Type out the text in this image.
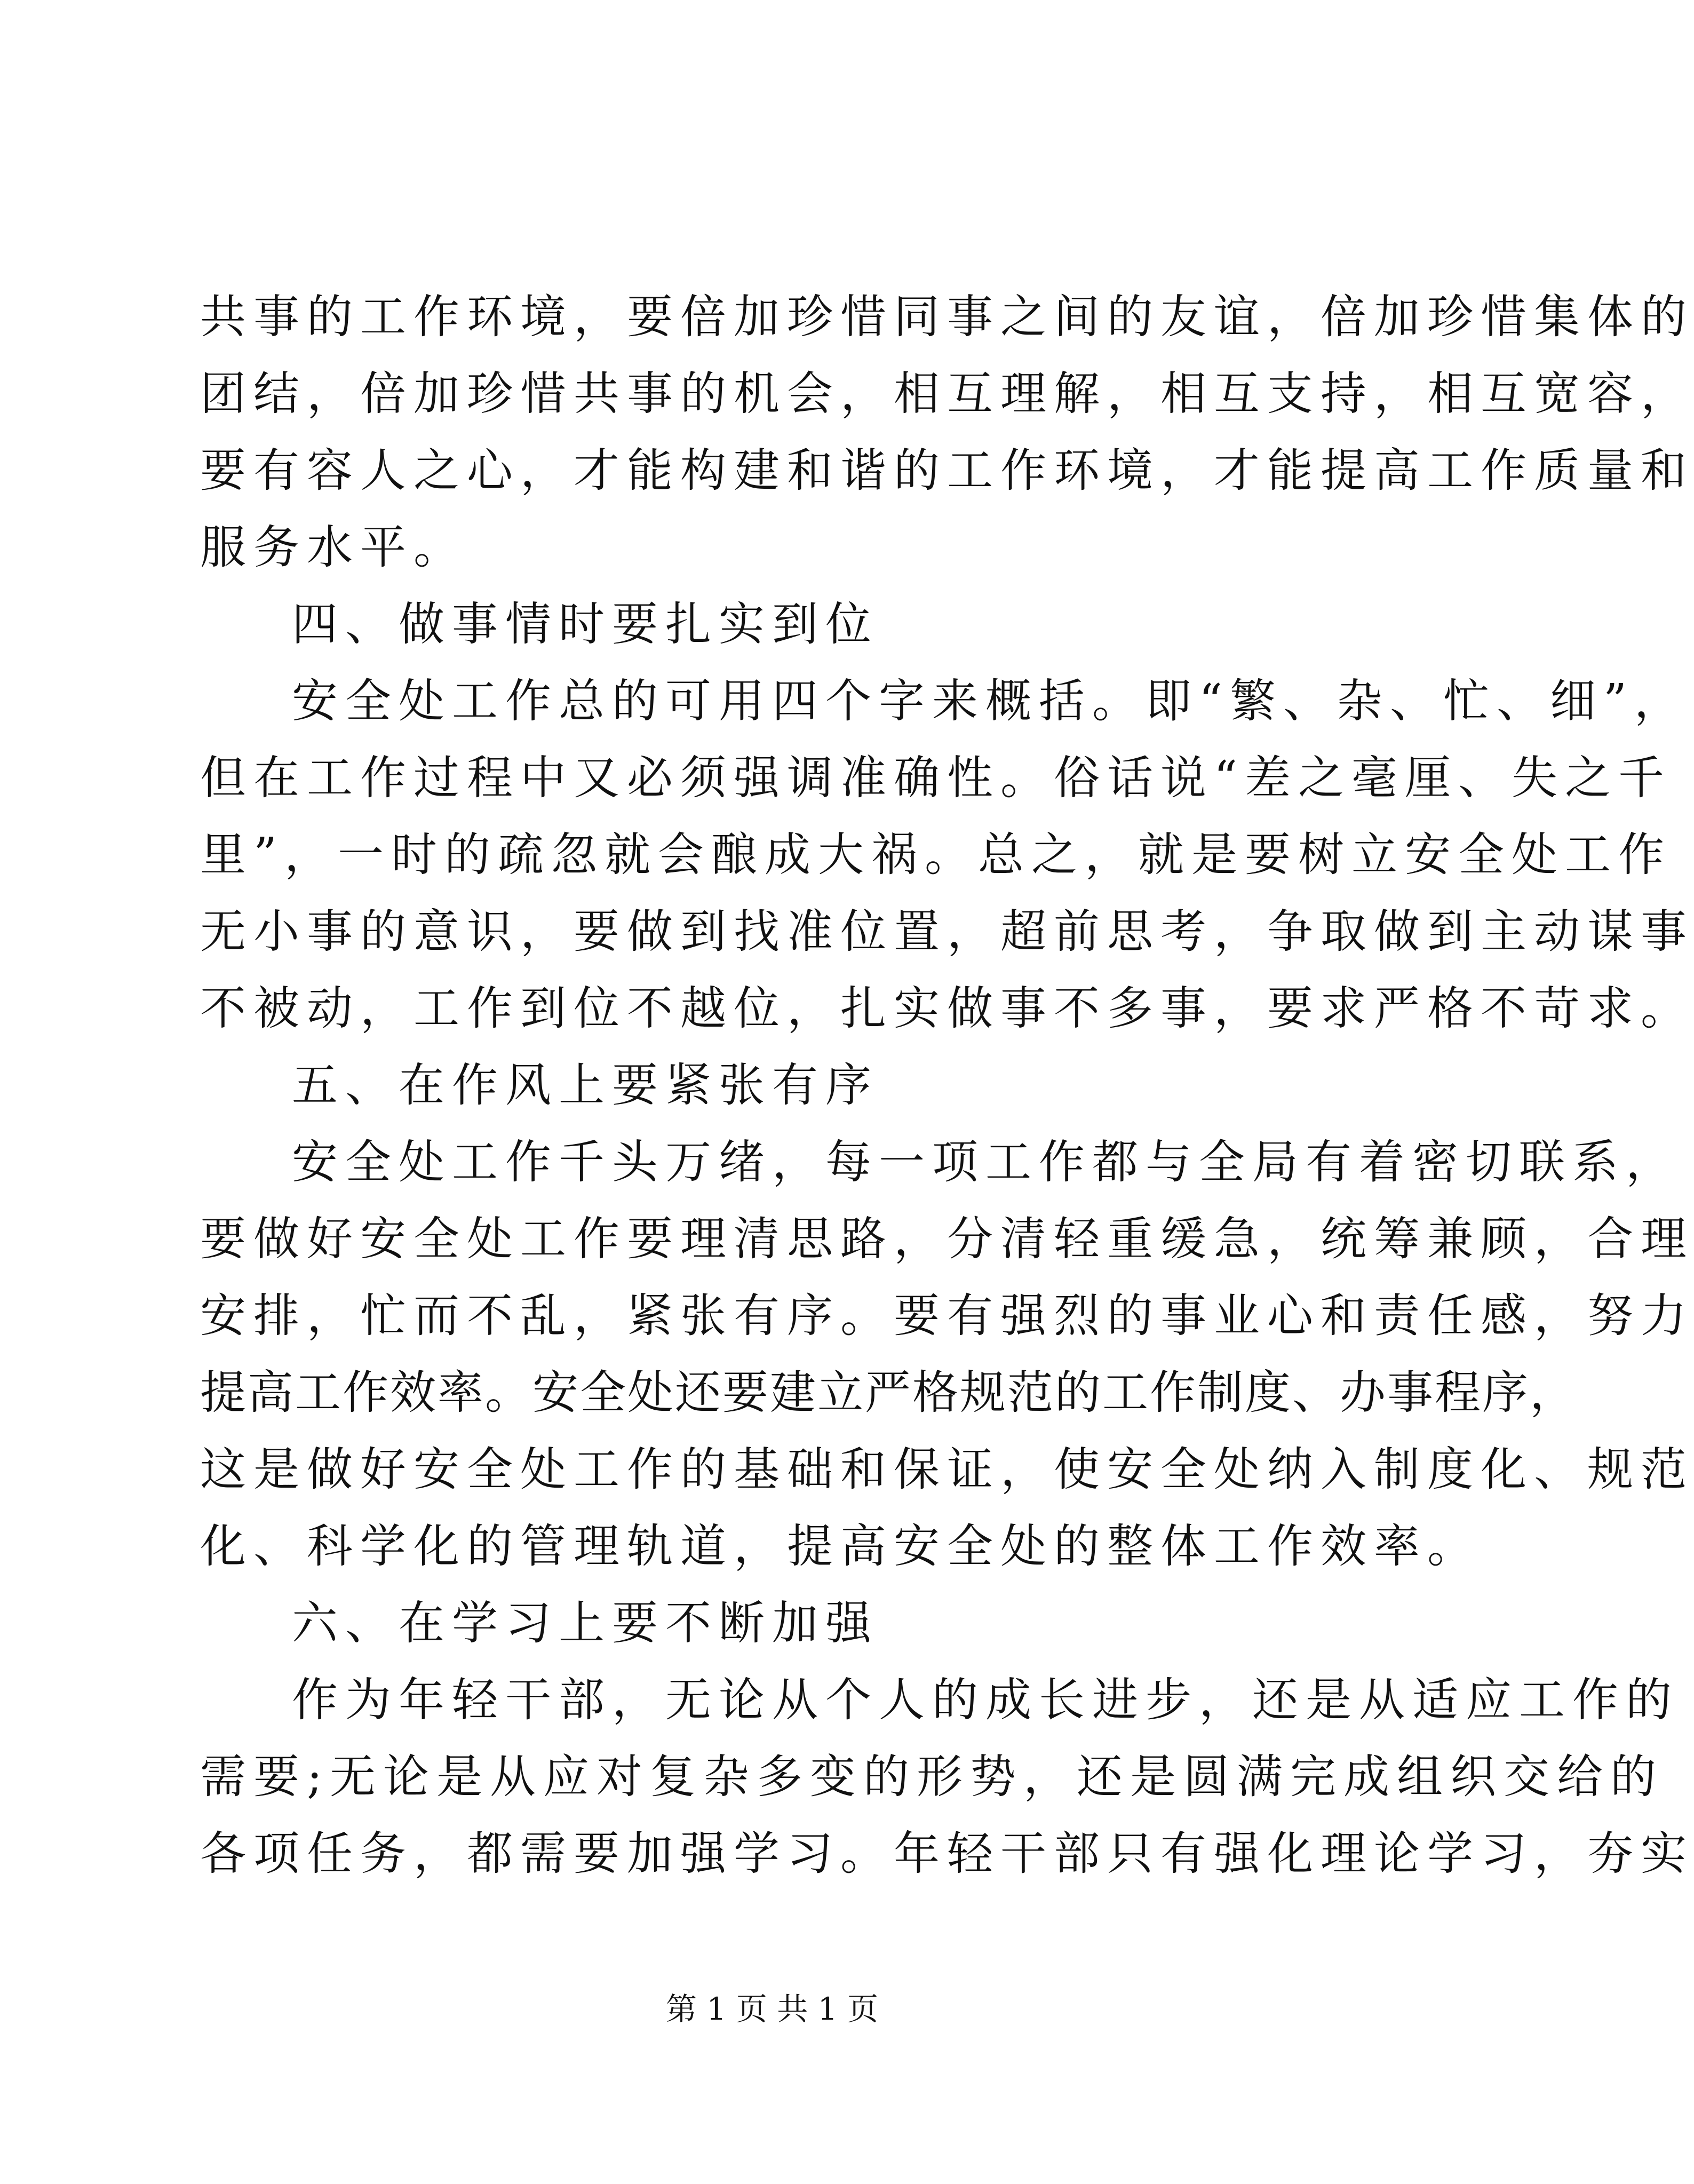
共事的工作环境，要倍加珍惜同事之间的友谊，倍加珍惜集体的
团结，倍加珍惜共事的机会，相互理解，相互支持，相互宽容，
要有容人之心，才能构建和谐的工作环境，才能提高工作质量和
服务水平。
四、做事情时要扎实到位
安全处工作总的可用四个字来概括。即“繁、杂、忙、细”，
但在工作过程中又必须强调准确性。俗话说“差之毫厘、失之千
里”，一时的疏忽就会酿成大祸。总之，就是要树立安全处工作
无小事的意识，要做到找准位置，超前思考，争取做到主动谋事
不被动，工作到位不越位，扎实做事不多事，要求严格不苛求。
五、在作风上要紧张有序
安全处工作千头万绪，每一项工作都与全局有着密切联系，
要做好安全处工作要理清思路，分清轻重缓急，统筹兼顾，合理
安排，忙而不乱，紧张有序。要有强烈的事业心和责任感，努力
提高工作效率。安全处还要建立严格规范的工作制度、办事程序，
这是做好安全处工作的基础和保证，使安全处纳入制度化、规范
化、科学化的管理轨道，提高安全处的整体工作效率。
六、在学习上要不断加强
作为年轻干部，无论从个人的成长进步，还是从适应工作的
需要;无论是从应对复杂多变的形势，还是圆满完成组织交给的
各项任务，都需要加强学习。年轻干部只有强化理论学习，夯实
第 1 页 共 1 页
